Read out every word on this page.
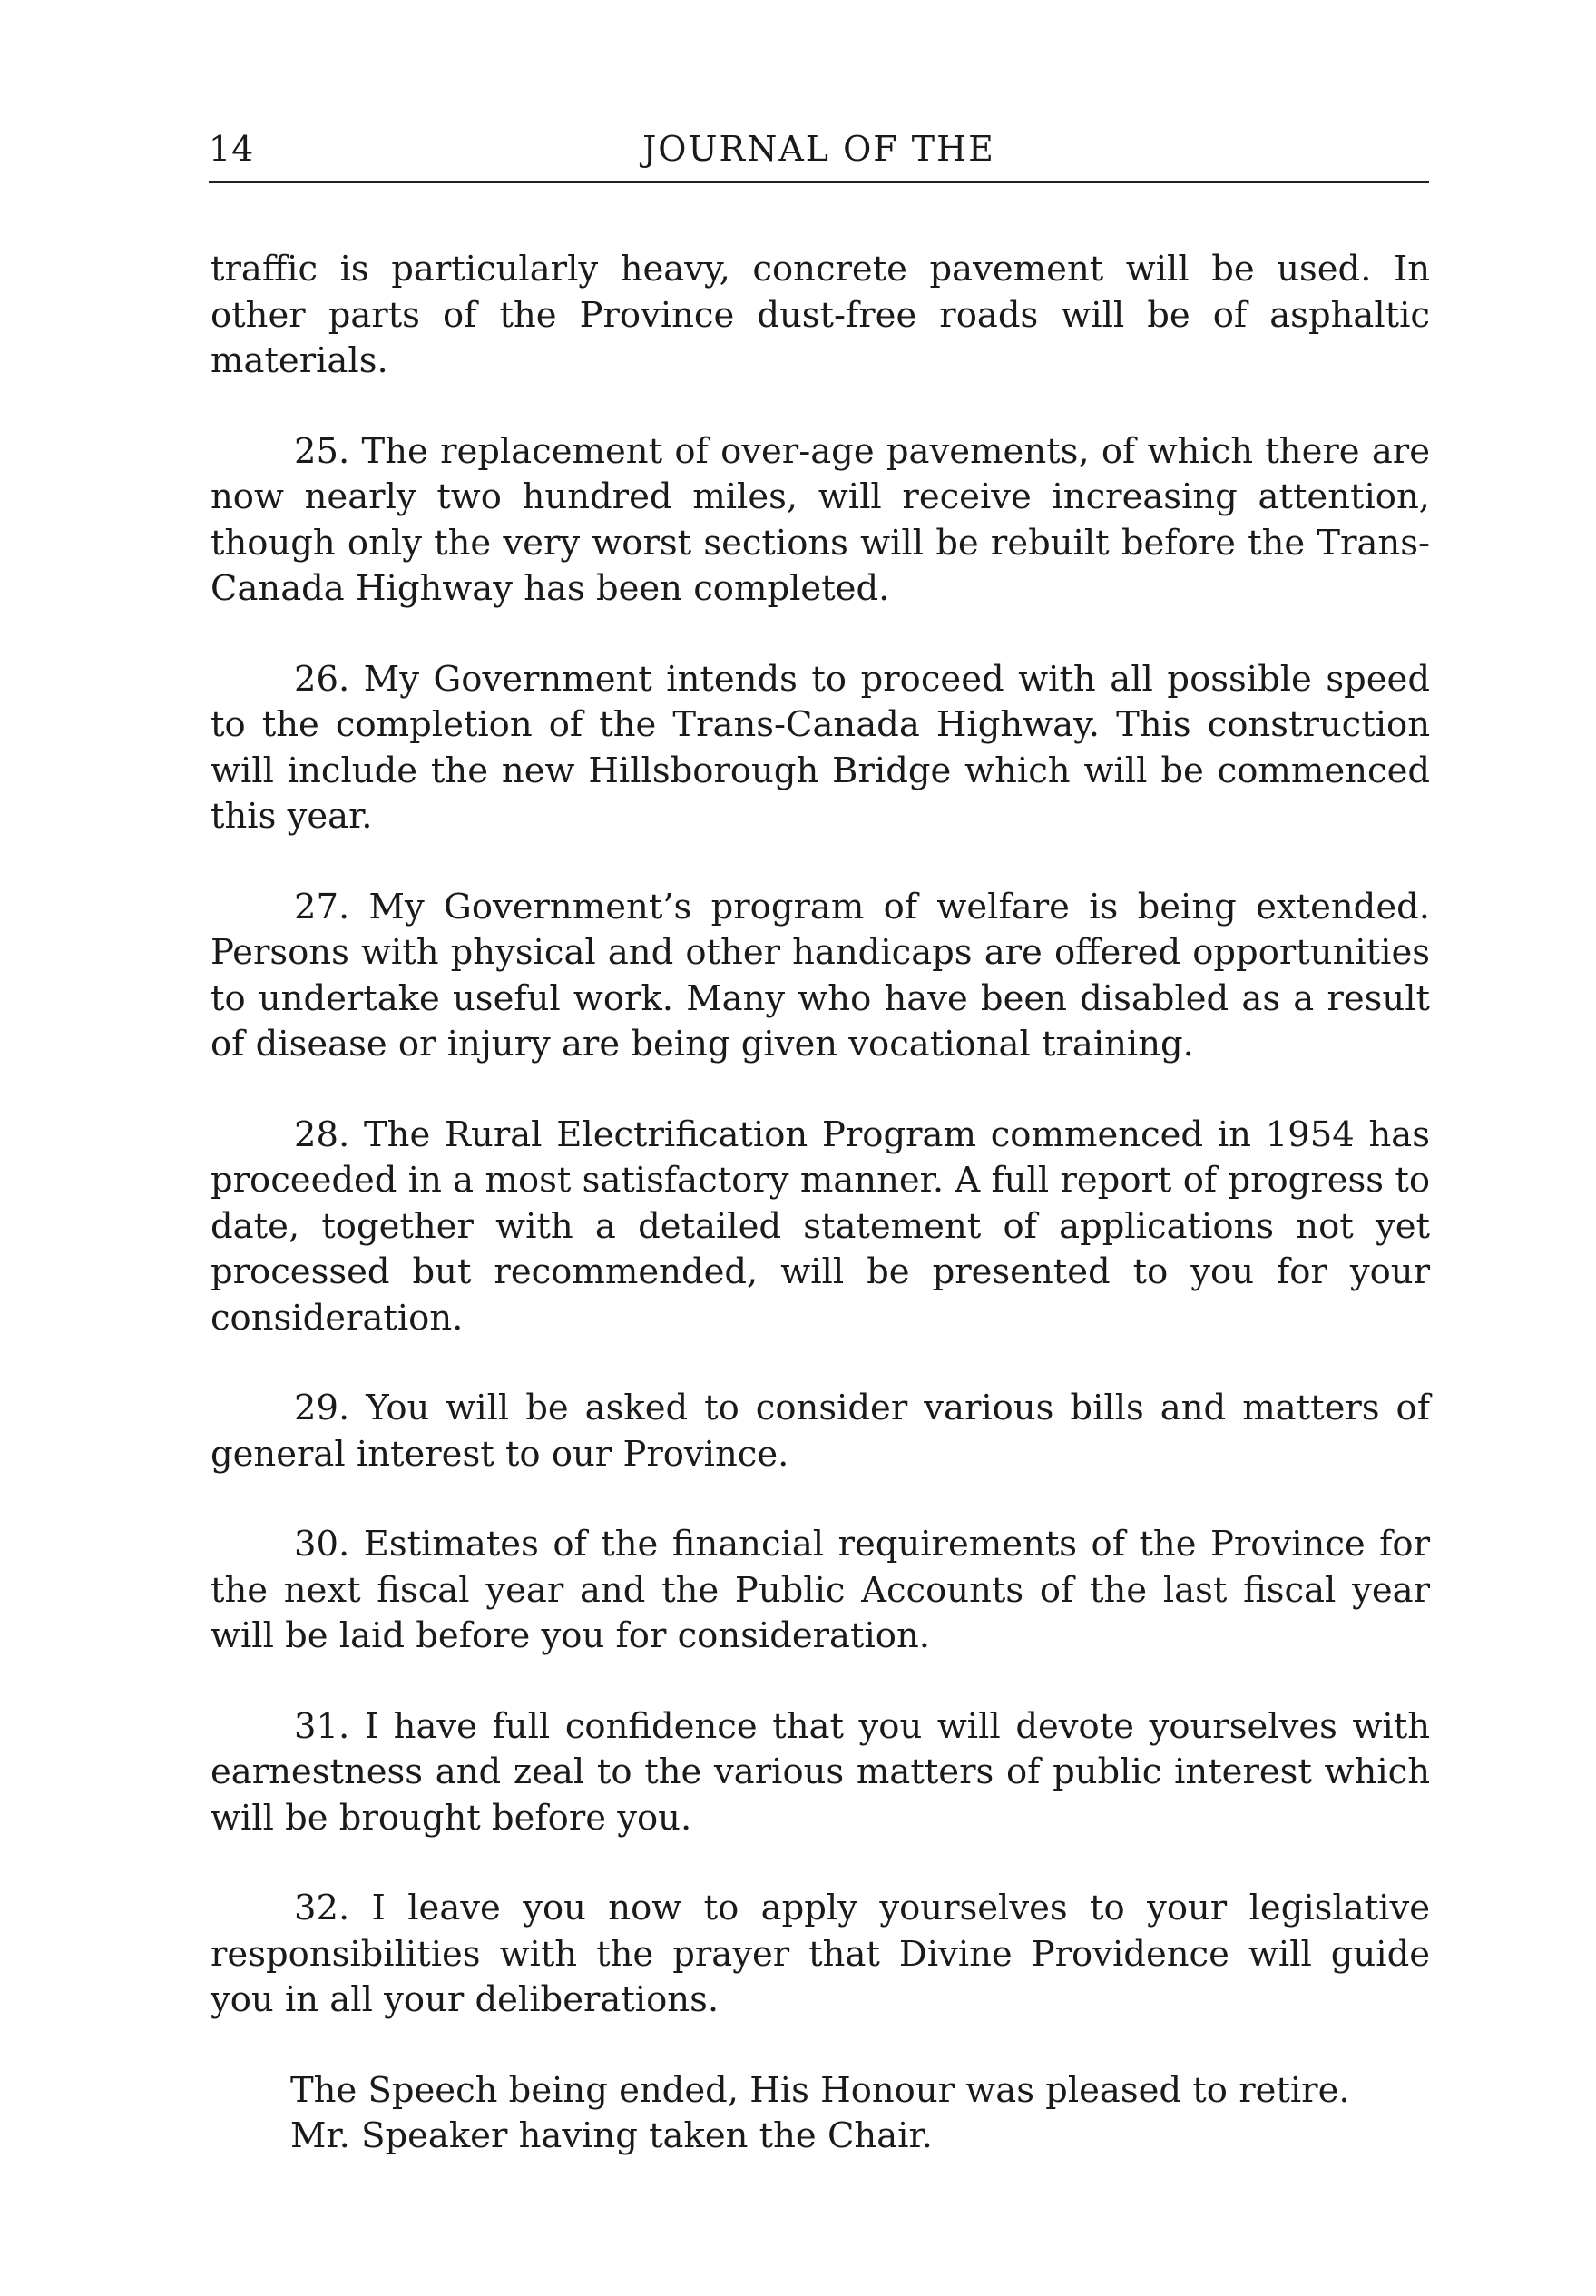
14	JOURNAL OF THE

traffic is particularly heavy, concrete pavement will be used. In other parts of the Province dust-free roads will be of asphaltic materials.

25. The replacement of over-age pavements, of which there are now nearly two hundred miles, will receive increasing attention, though only the very worst sections will be rebuilt before the Trans-Canada Highway has been completed.

26. My Government intends to proceed with all possible speed to the completion of the Trans-Canada Highway. This construction will include the new Hillsborough Bridge which will be commenced this year.

27. My Government’s program of welfare is being extended. Persons with physical and other handicaps are offered opportunities to undertake useful work. Many who have been disabled as a result of disease or injury are being given vocational training.

28. The Rural Electrification Program commenced in 1954 has proceeded in a most satisfactory manner. A full report of progress to date, together with a detailed statement of applications not yet processed but recommended, will be presented to you for your consideration.

29. You will be asked to consider various bills and matters of general interest to our Province.

30. Estimates of the financial requirements of the Province for the next fiscal year and the Public Accounts of the last fiscal year will be laid before you for consideration.

31. I have full confidence that you will devote yourselves with earnestness and zeal to the various matters of public interest which will be brought before you.

32. I leave you now to apply yourselves to your legislative responsibilities with the prayer that Divine Providence will guide you in all your deliberations.

The Speech being ended, His Honour was pleased to retire.
Mr. Speaker having taken the Chair.
